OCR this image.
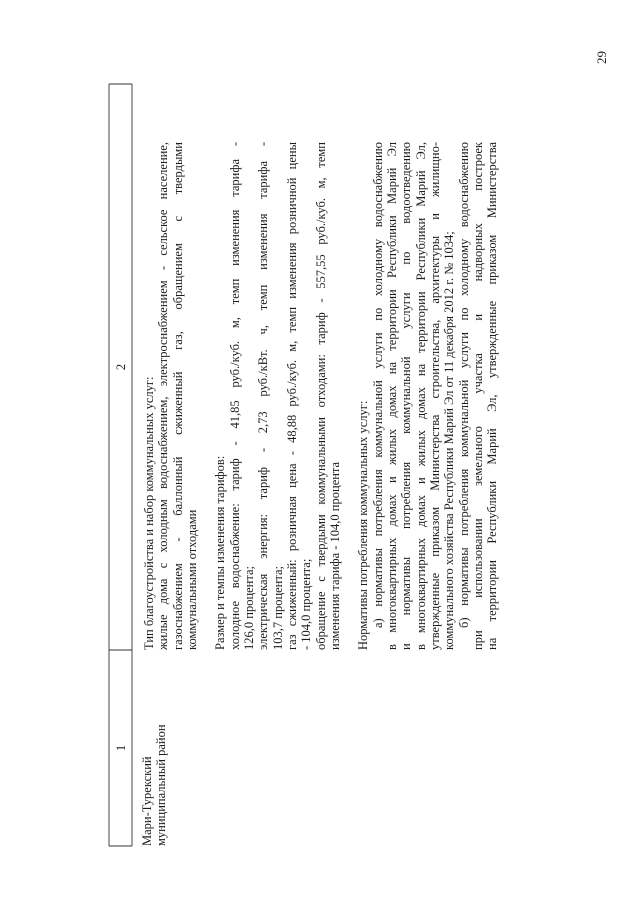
29
1
2
Мари-Турекский муниципальный район
Тип благоустройства и набор коммунальных услуг: жилые дома с холодным водоснабжением, электроснабжением - сельское население, газоснабжением - баллонный сжиженный газ, обращением с твердыми коммунальными отходами Размер и темпы изменения тарифов: холодное водоснабжение: тариф - 41,85 руб./куб. м, темп изменения тарифа - 126,0 процента; электрическая энергия: тариф - 2,73 руб./кВт. ч, темп изменения тарифа - 103,7 процента; газ сжиженный: розничная цена - 48,88 руб./куб. м, темп изменения розничной цены - 104,0 процента; обращение с твердыми коммунальными отходами: тариф - 557,55 руб./куб. м, темп изменения тарифа - 104,0 процента Нормативы потребления коммунальных услуг: а) нормативы потребления коммунальной услуги по холодному водоснабжению в многоквартирных домах и жилых домах на территории Республики Марий Эл и нормативы потребления коммунальной услуги по водоотведению в многоквартирных домах и жилых домах на территории Республики Марий Эл, утвержденные приказом Министерства строительства, архитектуры и жилищно- коммунального хозяйства Республики Марий Эл от 11 декабря 2012 г. № 1034; б) нормативы потребления коммунальной услуги по холодному водоснабжению при использовании земельного участка и надворных построек на территории Республики Марий Эл, утвержденные приказом Министерства
